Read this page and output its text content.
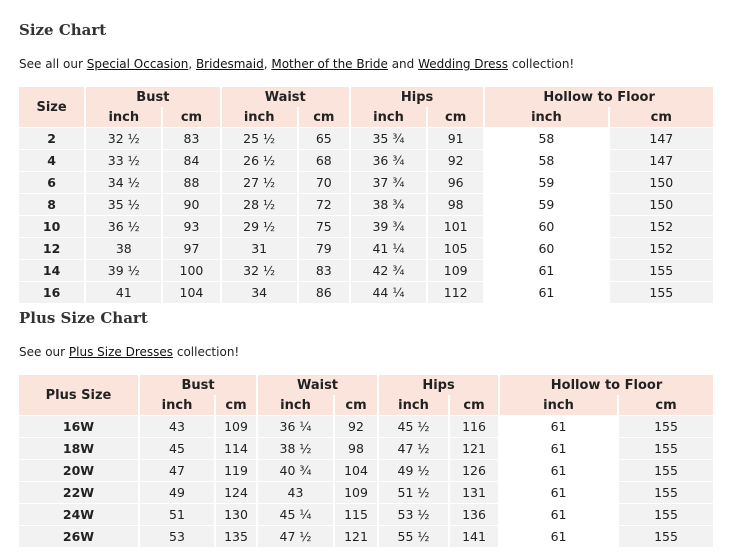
Size Chart

See all our Special Occasion, Bridesmaid, Mother of the Bride and Wedding Dress collection!

Size	Bust		Waist		Hips		Hollow to Floor	
	inch	cm	inch	cm	inch	cm	inch	cm
2	32 ½	83	25 ½	65	35 ¾	91	58	147
4	33 ½	84	26 ½	68	36 ¾	92	58	147
6	34 ½	88	27 ½	70	37 ¾	96	59	150
8	35 ½	90	28 ½	72	38 ¾	98	59	150
10	36 ½	93	29 ½	75	39 ¾	101	60	152
12	38	97	31	79	41 ¼	105	60	152
14	39 ½	100	32 ½	83	42 ¾	109	61	155
16	41	104	34	86	44 ¼	112	61	155
Plus Size Chart

See our Plus Size Dresses collection!

Plus Size	Bust		Waist		Hips		Hollow to Floor	
	inch	cm	inch	cm	inch	cm	inch	cm
16W	43	109	36 ¼	92	45 ½	116	61	155
18W	45	114	38 ½	98	47 ½	121	61	155
20W	47	119	40 ¾	104	49 ½	126	61	155
22W	49	124	43	109	51 ½	131	61	155
24W	51	130	45 ¼	115	53 ½	136	61	155
26W	53	135	47 ½	121	55 ½	141	61	155
